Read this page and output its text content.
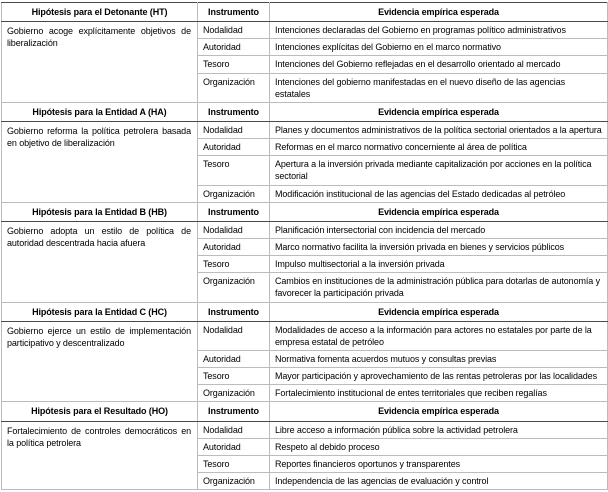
Hipótesis para el Detonante (HT)	Instrumento	Evidencia empírica esperada
Gobierno acoge explícitamente objetivos de liberalización	Nodalidad	Intenciones declaradas del Gobierno en programas político administrativos
	Autoridad	Intenciones explícitas del Gobierno en el marco normativo
	Tesoro	Intenciones del Gobierno reflejadas en el desarrollo orientado al mercado
	Organización	Intenciones del gobierno manifestadas en el nuevo diseño de las agencias estatales
Hipótesis para la Entidad A (HA)	Instrumento	Evidencia empírica esperada
Gobierno reforma la política petrolera basada en objetivo de liberalización	Nodalidad	Planes y documentos administrativos de la política sectorial orientados a la apertura
	Autoridad	Reformas en el marco normativo concerniente al área de política
	Tesoro	Apertura a la inversión privada mediante capitalización por acciones en la política sectorial
	Organización	Modificación institucional de las agencias del Estado dedicadas al petróleo
Hipótesis para la Entidad B (HB)	Instrumento	Evidencia empírica esperada
Gobierno adopta un estilo de política de autoridad descentrada hacia afuera	Nodalidad	Planificación intersectorial con incidencia del mercado
	Autoridad	Marco normativo facilita la inversión privada en bienes y servicios públicos
	Tesoro	Impulso multisectorial a la inversión privada
	Organización	Cambios en instituciones de la administración pública para dotarlas de autonomía y favorecer la participación privada
Hipótesis para la Entidad C (HC)	Instrumento	Evidencia empírica esperada
Gobierno ejerce un estilo de implementación participativo y descentralizado	Nodalidad	Modalidades de acceso a la información para actores no estatales por parte de la empresa estatal de petróleo
	Autoridad	Normativa fomenta acuerdos mutuos y consultas previas
	Tesoro	Mayor participación y aprovechamiento de las rentas petroleras por las localidades
	Organización	Fortalecimiento institucional de entes territoriales que reciben regalías
Hipótesis para el Resultado (HO)	Instrumento	Evidencia empírica esperada
Fortalecimiento de controles democráticos en la política petrolera	Nodalidad	Libre acceso a información pública sobre la actividad petrolera
	Autoridad	Respeto al debido proceso
	Tesoro	Reportes financieros oportunos y transparentes
	Organización	Independencia de las agencias de evaluación y control
